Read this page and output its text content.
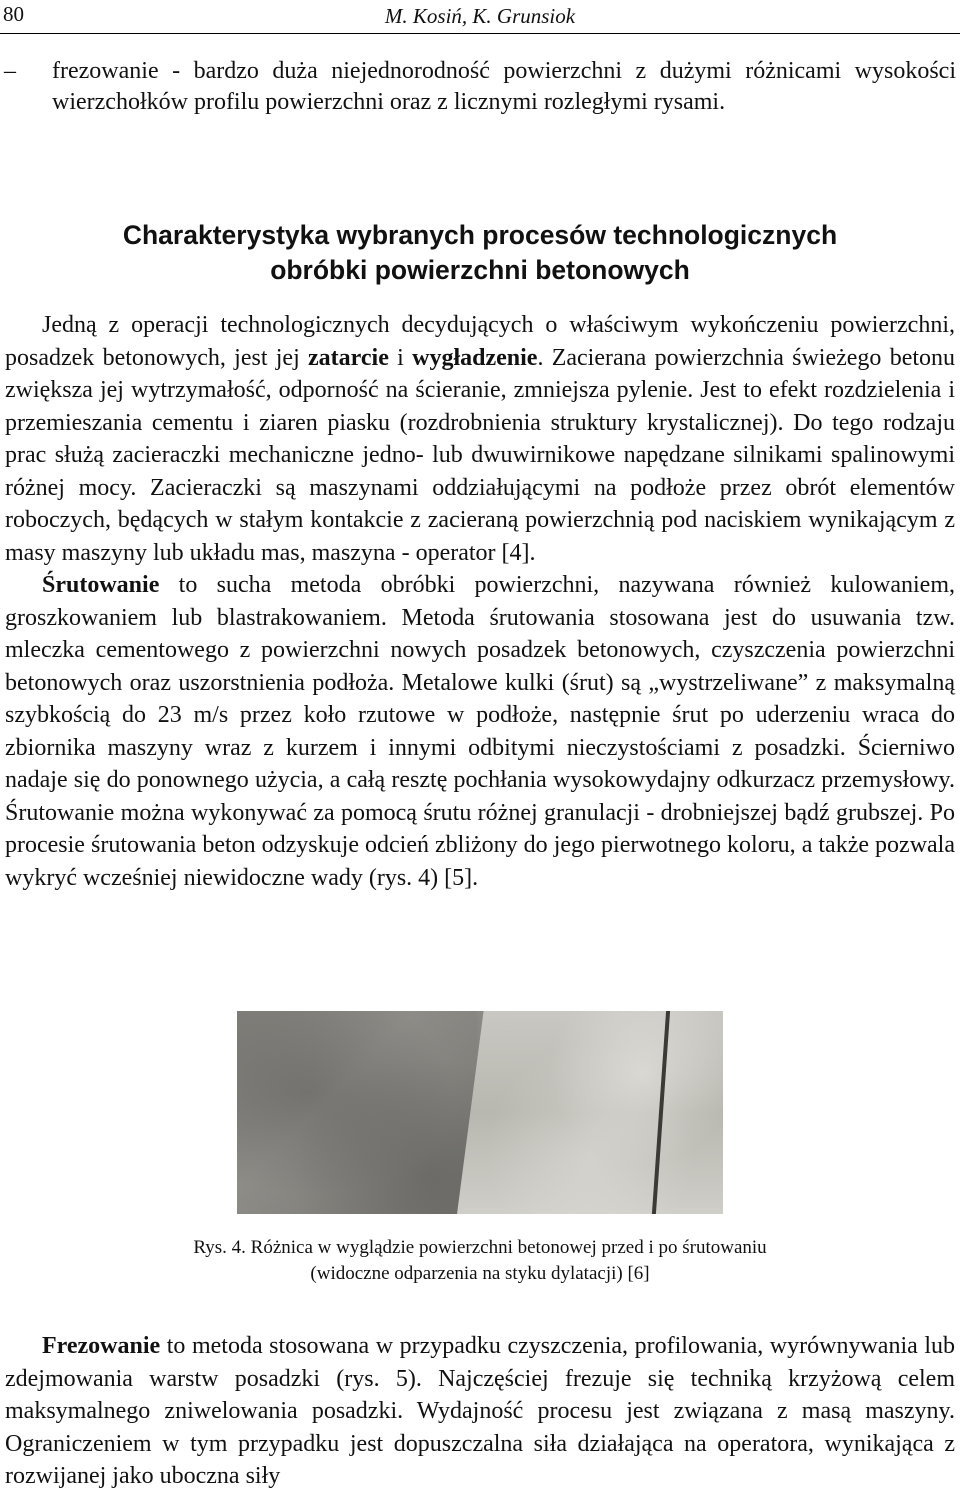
80	M. Kosiń, K. Grunsiok
– frezowanie - bardzo duża niejednorodność powierzchni z dużymi różnicami wysokości wierzchołków profilu powierzchni oraz z licznymi rozległymi rysami.
Charakterystyka wybranych procesów technologicznych
obróbki powierzchni betonowych
Jedną z operacji technologicznych decydujących o właściwym wykończeniu powierzchni, posadzek betonowych, jest jej zatarcie i wygładzenie. Zacierana powierzchnia świeżego betonu zwiększa jej wytrzymałość, odporność na ścieranie, zmniejsza pylenie. Jest to efekt rozdzielenia i przemieszania cementu i ziaren piasku (rozdrobnienia struktury krystalicznej). Do tego rodzaju prac służą zacieraczki mechaniczne jedno- lub dwuwirnikowe napędzane silnikami spalinowymi różnej mocy. Zacieraczki są maszynami oddziałującymi na podłoże przez obrót elementów roboczych, będących w stałym kontakcie z zacieraną powierzchnią pod naciskiem wynikającym z masy maszyny lub układu mas, maszyna - operator [4].
Śrutowanie to sucha metoda obróbki powierzchni, nazywana również kulowaniem, groszkowaniem lub blastrakowaniem. Metoda śrutowania stosowana jest do usuwania tzw. mleczka cementowego z powierzchni nowych posadzek betonowych, czyszczenia powierzchni betonowych oraz uszorstnienia podłoża. Metalowe kulki (śrut) są „wystrzeliwane” z maksymalną szybkością do 23 m/s przez koło rzutowe w podłoże, następnie śrut po uderzeniu wraca do zbiornika maszyny wraz z kurzem i innymi odbitymi nieczystościami z posadzki. Ścierniwo nadaje się do ponownego użycia, a całą resztę pochłania wysokowydajny odkurzacz przemysłowy. Śrutowanie można wykonywać za pomocą śrutu różnej granulacji - drobniejszej bądź grubszej. Po procesie śrutowania beton odzyskuje odcień zbliżony do jego pierwotnego koloru, a także pozwala wykryć wcześniej niewidoczne wady (rys. 4) [5].
Rys. 4. Różnica w wyglądzie powierzchni betonowej przed i po śrutowaniu
(widoczne odparzenia na styku dylatacji) [6]
Frezowanie to metoda stosowana w przypadku czyszczenia, profilowania, wyrównywania lub zdejmowania warstw posadzki (rys. 5). Najczęściej frezuje się techniką krzyżową celem maksymalnego zniwelowania posadzki. Wydajność procesu jest związana z masą maszyny. Ograniczeniem w tym przypadku jest dopuszczalna siła działająca na operatora, wynikająca z rozwijanej jako uboczna siły
